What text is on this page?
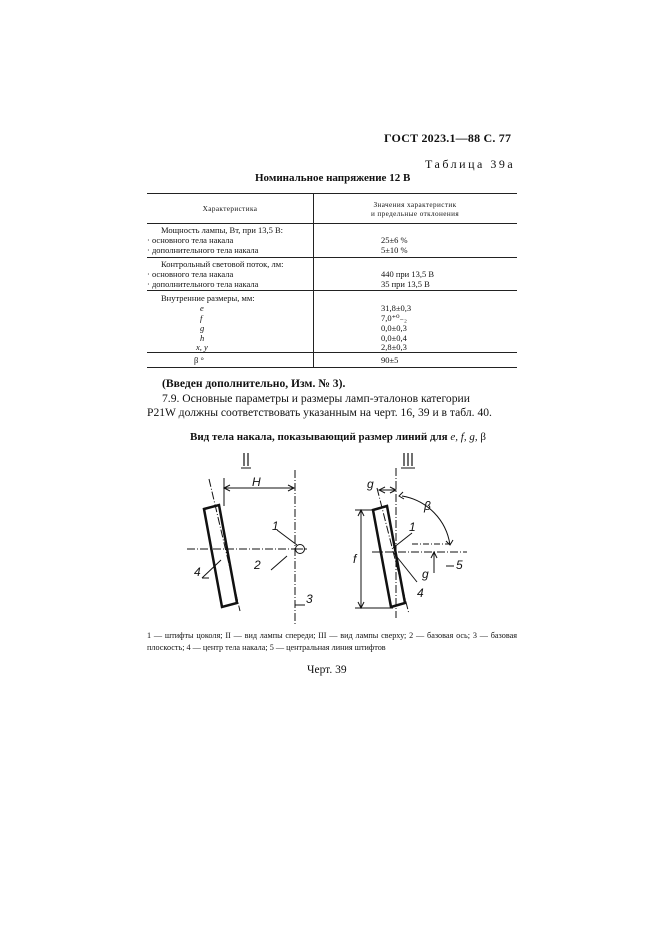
ГОСТ 2023.1—88 С. 77
Таблица 39а
Номинальное напряжение 12 В
Характеристика	Значения характеристик
и предельные отклонения
Мощность лампы, Вт, при 13,5 В:
· основного тела накала	25±6 %
· дополнительного тела накала	5±10 %
Контрольный световой поток, лм:
· основного тела накала	440 при 13,5 В
· дополнительного тела накала	35 при 13,5 В
Внутренние размеры, мм:
e	31,8±0,3
f	7,0⁺⁰₋₂
g	0,0±0,3
h	0,0±0,4
x, y	2,8±0,3
β °	90±5
(Введен дополнительно, Изм. № 3).
7.9. Основные параметры и размеры ламп-эталонов категории
P21W должны соответствовать указанным на черт. 16, 39 и в табл. 40.
Вид тела накала, показывающий размер линий для e, f, g, β
H
1
2
3
4
g
β
1
f
g
5
4
1 — штифты цоколя; II — вид лампы спереди; III — вид лампы сверху; 2 — базовая ось; 3 — базовая плоскость; 4 — центр тела накала; 5 — центральная линия штифтов
Черт. 39
